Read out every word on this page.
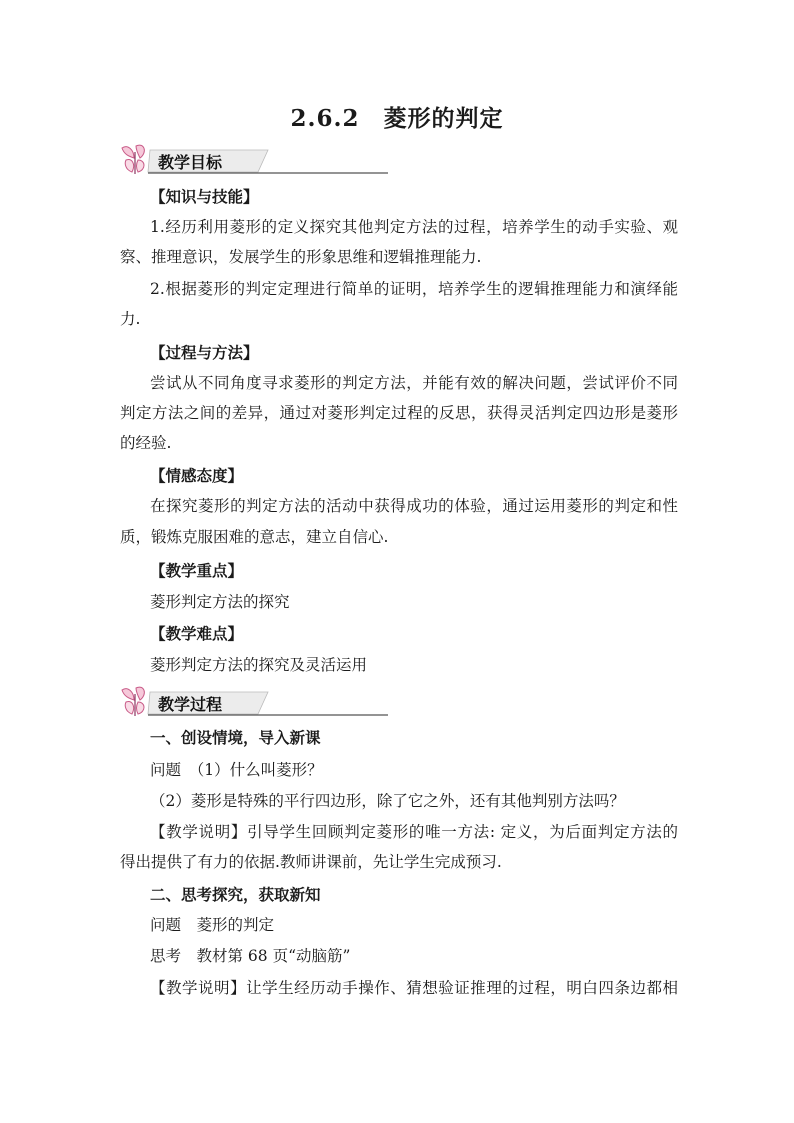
2.6.2　菱形的判定
教学目标

【知识与技能】

1.经历利用菱形的定义探究其他判定方法的过程，培养学生的动手实验、观

察、推理意识，发展学生的形象思维和逻辑推理能力.

2.根据菱形的判定定理进行简单的证明，培养学生的逻辑推理能力和演绎能

力.

【过程与方法】

尝试从不同角度寻求菱形的判定方法，并能有效的解决问题，尝试评价不同

判定方法之间的差异，通过对菱形判定过程的反思，获得灵活判定四边形是菱形

的经验.

【情感态度】

在探究菱形的判定方法的活动中获得成功的体验，通过运用菱形的判定和性

质，锻炼克服困难的意志，建立自信心.

【教学重点】

菱形判定方法的探究

【教学难点】

菱形判定方法的探究及灵活运用

教学过程

一、创设情境，导入新课

问题　（1）什么叫菱形？

（2）菱形是特殊的平行四边形，除了它之外，还有其他判别方法吗？

【教学说明】引导学生回顾判定菱形的唯一方法: 定义，为后面判定方法的

得出提供了有力的依据.教师讲课前，先让学生完成预习.

二、思考探究，获取新知

问题　菱形的判定

思考　教材第 68 页“动脑筋”

【教学说明】让学生经历动手操作、猜想验证推理的过程，明白四条边都相
